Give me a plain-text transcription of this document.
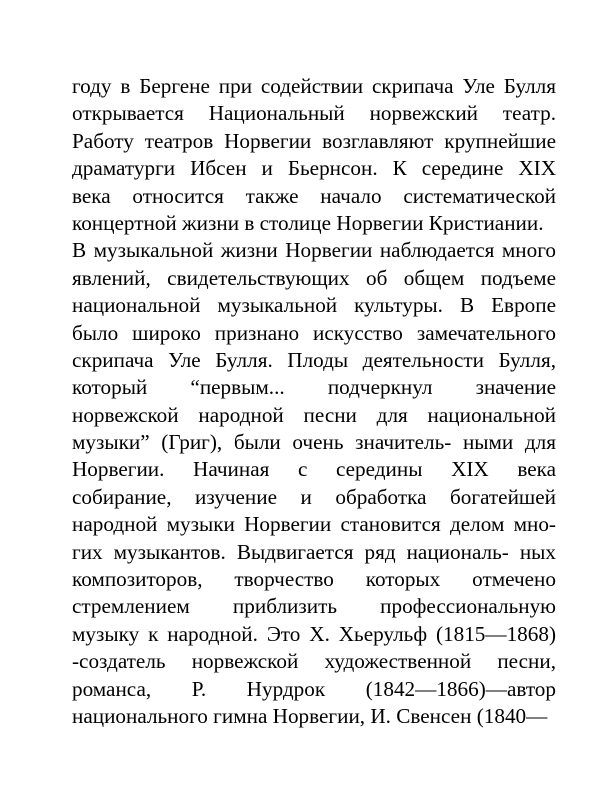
году в Бергене при содействии скрипача Уле Булля
открывается Национальный норвежский театр.
Работу театров Норвегии возглавляют крупнейшие
драматурги Ибсен и Бьернсон. К середине XIX
века относится также начало систематической
концертной жизни в столице Норвегии Кристиании.
В музыкальной жизни Норвегии наблюдается много
явлений, свидетельствующих об общем подъеме
национальной музыкальной культуры. В Европе
было широко признано искусство замечательного
скрипача Уле Булля. Плоды деятельности Булля,
который “первым... подчеркнул значение
норвежской народной песни для национальной
музыки” (Григ), были очень значитель- ными для
Норвегии. Начиная с середины XIX века
собирание, изучение и обработка богатейшей
народной музыки Норвегии становится делом мно-
гих музыкантов. Выдвигается ряд националь- ных
композиторов, творчество которых отмечено
стремлением приблизить профессиональную
музыку к народной. Это Х. Хьерульф (1815—1868)
-создатель норвежской художественной песни,
романса, Р. Нурдрок (1842—1866)—автор
национального гимна Норвегии, И. Свенсен (1840—
